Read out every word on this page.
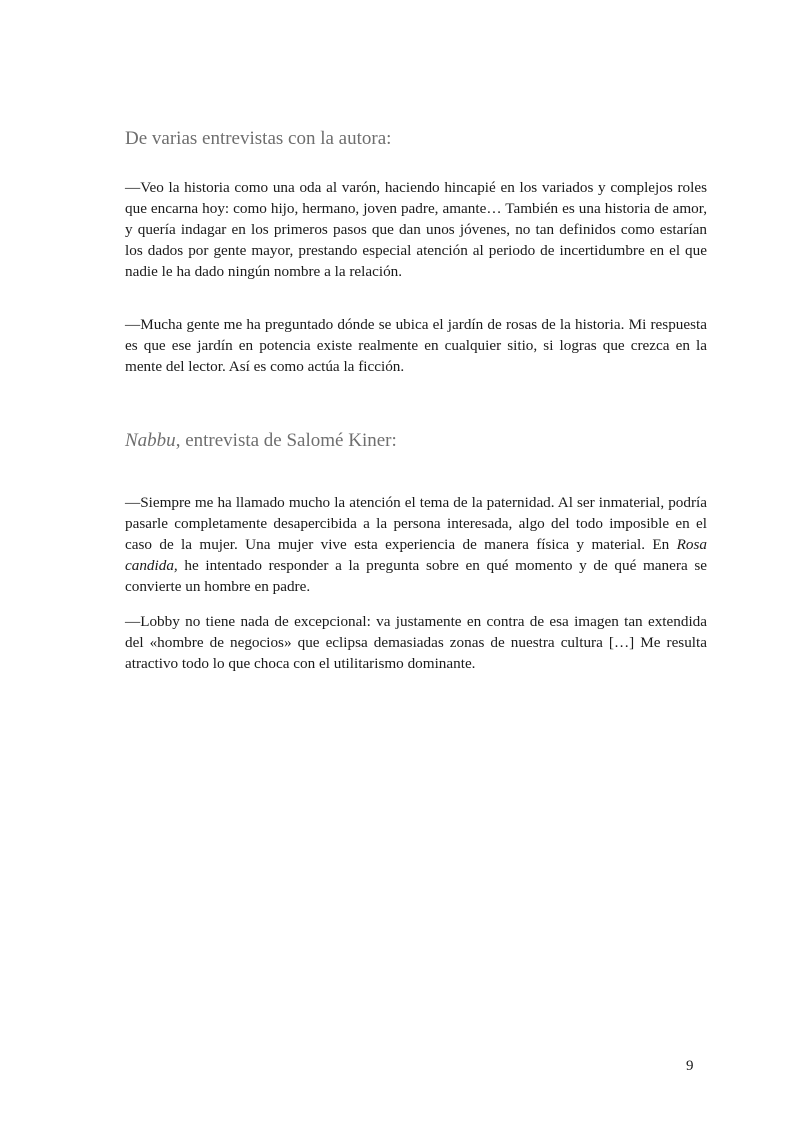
De varias entrevistas con la autora:

—Veo la historia como una oda al varón, haciendo hincapié en los variados y complejos roles que encarna hoy: como hijo, hermano, joven padre, amante… También es una historia de amor, y quería indagar en los primeros pasos que dan unos jóvenes, no tan definidos como estarían los dados por gente mayor, prestando especial atención al periodo de incertidumbre en el que nadie le ha dado ningún nombre a la relación.

—Mucha gente me ha preguntado dónde se ubica el jardín de rosas de la historia. Mi respuesta es que ese jardín en potencia existe realmente en cualquier sitio, si logras que crezca en la mente del lector. Así es como actúa la ficción.

Nabbu, entrevista de Salomé Kiner:

—Siempre me ha llamado mucho la atención el tema de la paternidad. Al ser inmaterial, podría pasarle completamente desapercibida a la persona interesada, algo del todo imposible en el caso de la mujer. Una mujer vive esta experiencia de manera física y material. En Rosa candida, he intentado responder a la pregunta sobre en qué momento y de qué manera se convierte un hombre en padre.

—Lobby no tiene nada de excepcional: va justamente en contra de esa imagen tan extendida del «hombre de negocios» que eclipsa demasiadas zonas de nuestra cultura […] Me resulta atractivo todo lo que choca con el utilitarismo dominante.

9
